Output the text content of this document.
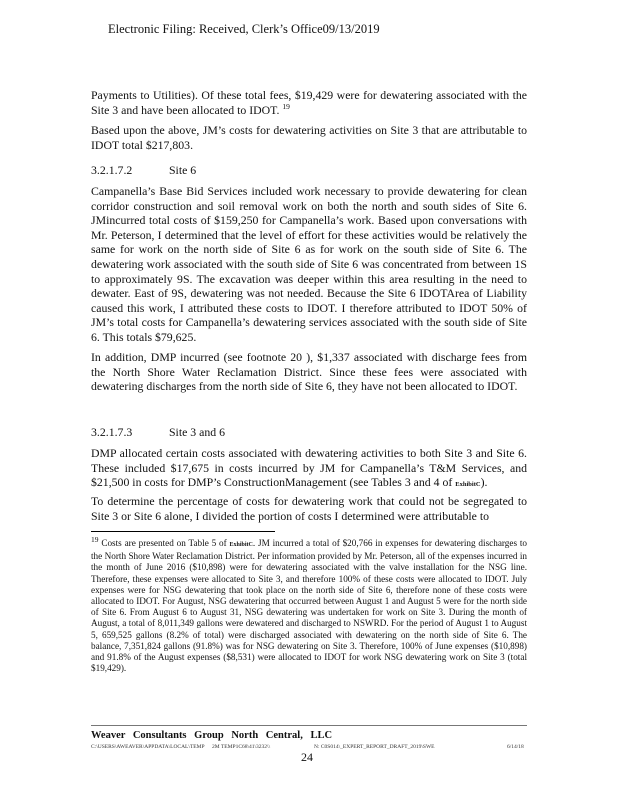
Electronic Filing: Received, Clerk’s Office09/13/2019

Payments to Utilities). Of these total fees, $19,429 were for dewatering associated with the Site 3 and have been allocated to IDOT. $^{19}$

Based upon the above, JM’s costs for dewatering activities on Site 3 that are attributable to IDOT total $217,803.

3.2.1.7.2	Site 6

Campanella’s Base Bid Services included work necessary to provide dewatering for clean corridor construction and soil removal work on both the north and south sides of Site 6. JMincurred total costs of $159,250 for Campanella’s work. Based upon conversations with Mr. Peterson, I determined that the level of effort for these activities would be relatively the same for work on the north side of Site 6 as for work on the south side of Site 6. The dewatering work associated with the south side of Site 6 was concentrated from between 1S to approximately 9S. The excavation was deeper within this area resulting in the need to dewater. East of 9S, dewatering was not needed. Because the Site 6 IDOTArea of Liability caused this work, I attributed these costs to IDOT. I therefore attributed to IDOT 50% of JM’s total costs for Campanella’s dewatering services associated with the south side of Site 6. This totals $79,625.

In addition, DMP incurred (see footnote 20 ), $1,337 associated with discharge fees from the North Shore Water Reclamation District. Since these fees were associated with dewatering discharges from the north side of Site 6, they have not been allocated to IDOT.

3.2.1.7.3	Site 3 and 6

DMP allocated certain costs associated with dewatering activities to both Site 3 and Site 6. These included $17,675 in costs incurred by JM for Campanella’s T&M Services, and $21,500 in costs for DMP’s ConstructionManagement (see Tables 3 and 4 of ExhibitC).

To determine the percentage of costs for dewatering work that could not be segregated to Site 3 or Site 6 alone, I divided the portion of costs I determined were attributable to

$^{19}$ Costs are presented on Table 5 of ExhibitC. JM incurred a total of $20,766 in expenses for dewatering discharges to the North Shore Water Reclamation District. Per information provided by Mr. Peterson, all of the expenses incurred in the month of June 2016 ($10,898) were for dewatering associated with the valve installation for the NSG line. Therefore, these expenses were allocated to Site 3, and therefore 100% of these costs were allocated to IDOT. July expenses were for NSG dewatering that took place on the north side of Site 6, therefore none of these costs were allocated to IDOT. For August, NSG dewatering that occurred between August 1 and August 5 were for the north side of Site 6. From August 6 to August 31, NSG dewatering was undertaken for work on Site 3. During the month of August, a total of 8,011,349 gallons were dewatered and discharged to NSWRD. For the period of August 1 to August 5, 659,525 gallons (8.2% of total) were discharged associated with dewatering on the north side of Site 6. The balance, 7,351,824 gallons (91.8%) was for NSG dewatering on Site 3. Therefore, 100% of June expenses ($10,898) and 91.8% of the August expenses ($8,531) were allocated to IDOT for work NSG dewatering work on Site 3 (total $19,429).

Weaver Consultants Group North Central, LLC
C:\USERS\AWEAVER\APPDATA\LOCAL\TEMP 2M TEMP1C68\41\3232\\	N: C0S014\_EXPERT_REPORT_DRAFT_2019\SWE	6/14/18
24
